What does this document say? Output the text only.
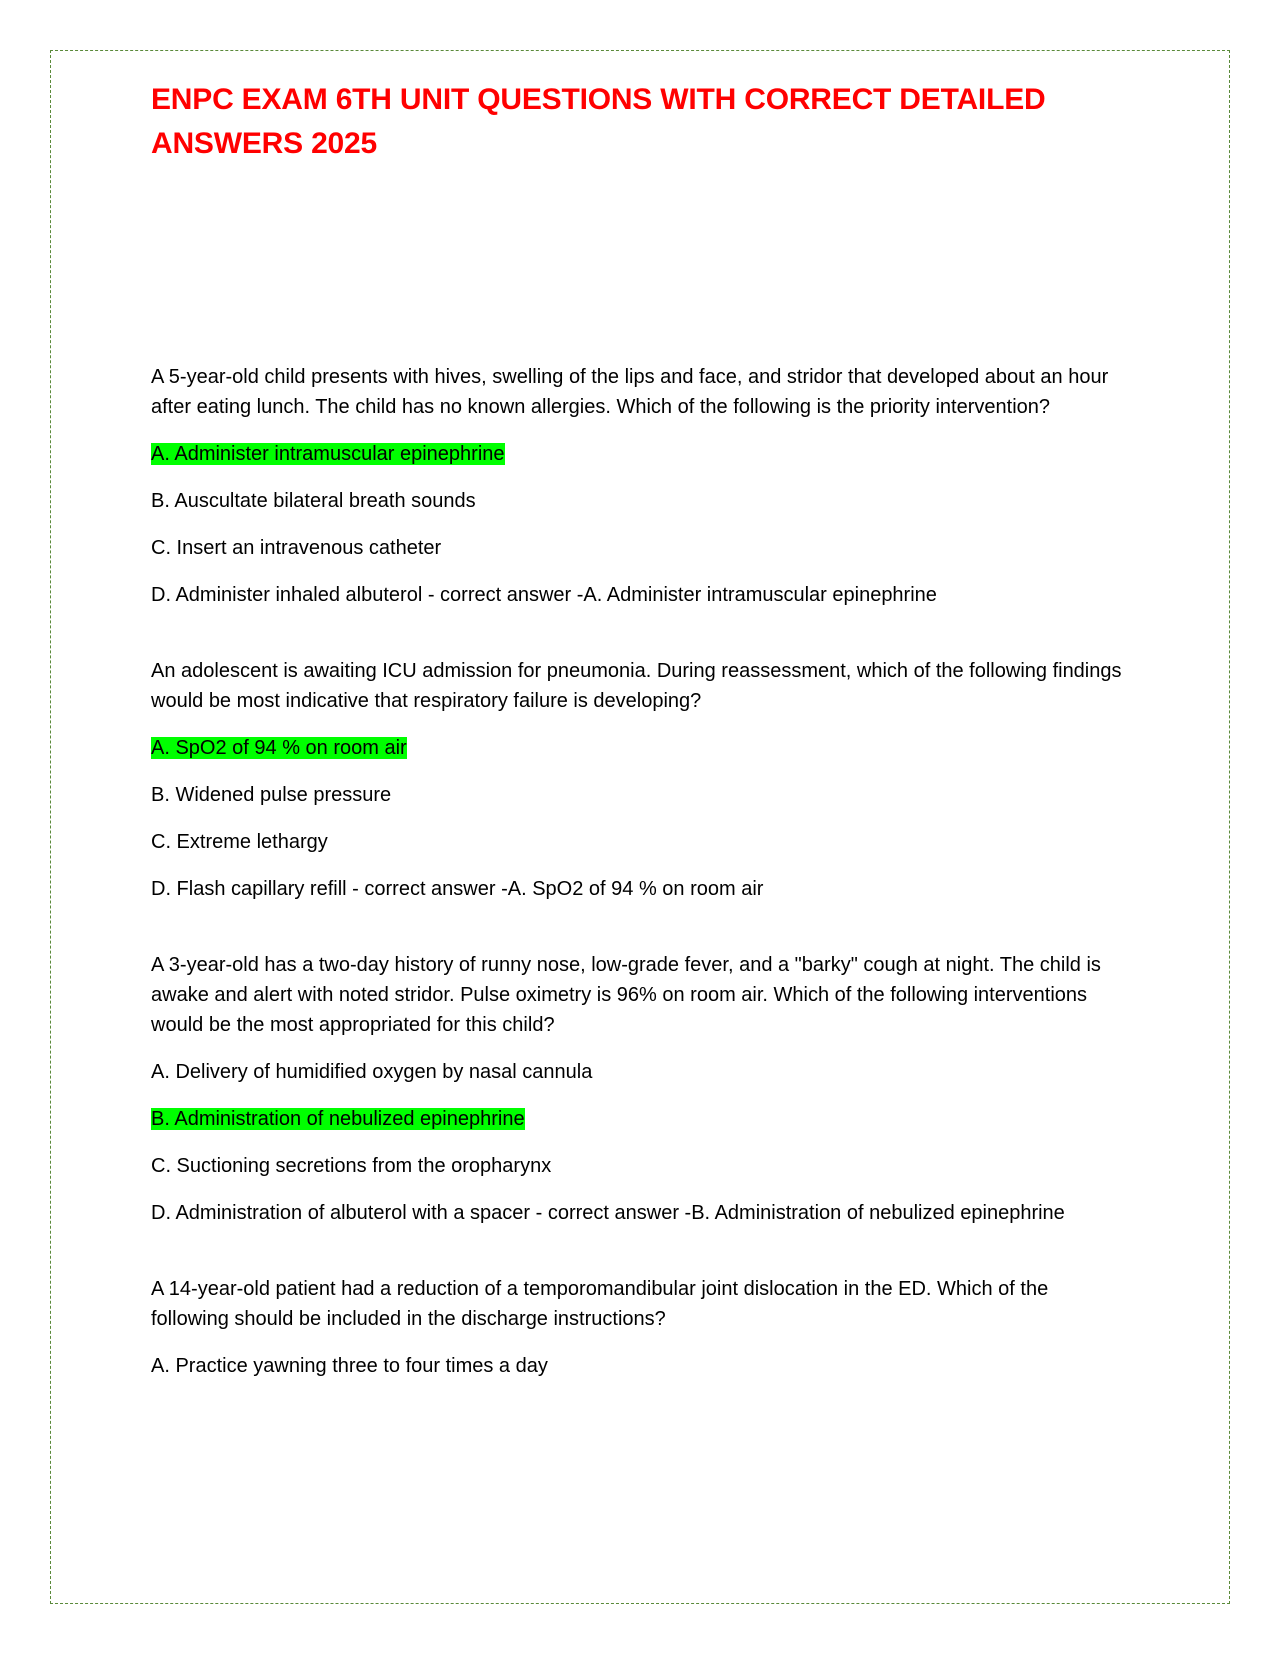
ENPC EXAM 6TH UNIT QUESTIONS WITH CORRECT DETAILED
ANSWERS 2025

A 5-year-old child presents with hives, swelling of the lips and face, and stridor that developed about an hour after eating lunch. The child has no known allergies. Which of the following is the priority intervention?

A. Administer intramuscular epinephrine

B. Auscultate bilateral breath sounds

C. Insert an intravenous catheter

D. Administer inhaled albuterol - correct answer -A. Administer intramuscular epinephrine

An adolescent is awaiting ICU admission for pneumonia. During reassessment, which of the following findings would be most indicative that respiratory failure is developing?

A. SpO2 of 94 % on room air

B. Widened pulse pressure

C. Extreme lethargy

D. Flash capillary refill - correct answer -A. SpO2 of 94 % on room air

A 3-year-old has a two-day history of runny nose, low-grade fever, and a "barky" cough at night. The child is awake and alert with noted stridor. Pulse oximetry is 96% on room air. Which of the following interventions would be the most appropriated for this child?

A. Delivery of humidified oxygen by nasal cannula

B. Administration of nebulized epinephrine

C. Suctioning secretions from the oropharynx

D. Administration of albuterol with a spacer - correct answer -B. Administration of nebulized epinephrine

A 14-year-old patient had a reduction of a temporomandibular joint dislocation in the ED. Which of the following should be included in the discharge instructions?

A. Practice yawning three to four times a day
